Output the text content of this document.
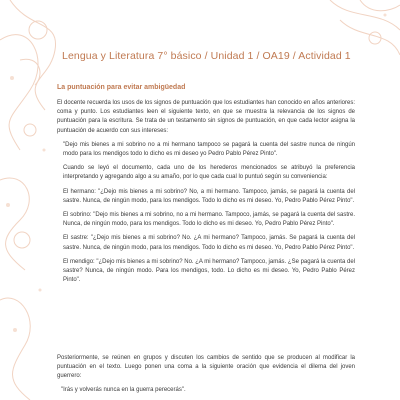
Lengua y Literatura 7° básico / Unidad 1 / OA19 / Actividad 1
La puntuación para evitar ambigüedad

El docente recuerda los usos de los signos de puntuación que los estudiantes han conocido en años anteriores: coma y punto. Los estudiantes leen el siguiente texto, en que se muestra la relevancia de los signos de puntuación para la escritura. Se trata de un testamento sin signos de puntuación, en que cada lector asigna la puntuación de acuerdo con sus intereses:

"Dejo mis bienes a mi sobrino no a mi hermano tampoco se pagará la cuenta del sastre nunca de ningún modo para los mendigos todo lo dicho es mi deseo yo Pedro Pablo Pérez Pinto".

Cuando se leyó el documento, cada uno de los herederos mencionados se atribuyó la preferencia interpretando y agregando algo a su amaño, por lo que cada cual lo puntuó según su conveniencia:

El hermano: "¿Dejo mis bienes a mi sobrino? No, a mi hermano. Tampoco, jamás, se pagará la cuenta del sastre. Nunca, de ningún modo, para los mendigos. Todo lo dicho es mi deseo. Yo, Pedro Pablo Pérez Pinto".

El sobrino: "Dejo mis bienes a mi sobrino, no a mi hermano. Tampoco, jamás, se pagará la cuenta del sastre. Nunca, de ningún modo, para los mendigos. Todo lo dicho es mi deseo. Yo, Pedro Pablo Pérez Pinto".

El sastre: "¿Dejo mis bienes a mi sobrino? No. ¿A mi hermano? Tampoco, jamás. Se pagará la cuenta del sastre. Nunca, de ningún modo, para los mendigos. Todo lo dicho es mi deseo. Yo, Pedro Pablo Pérez Pinto".

El mendigo: "¿Dejo mis bienes a mi sobrino? No. ¿A mi hermano? Tampoco, jamás. ¿Se pagará la cuenta del sastre? Nunca, de ningún modo. Para los mendigos, todo. Lo dicho es mi deseo. Yo, Pedro Pablo Pérez Pinto".

Posteriormente, se reúnen en grupos y discuten los cambios de sentido que se producen al modificar la puntuación en el texto. Luego ponen una coma a la siguiente oración que evidencia el dilema del joven guerrero:

"Irás y volverás nunca en la guerra perecerás".
